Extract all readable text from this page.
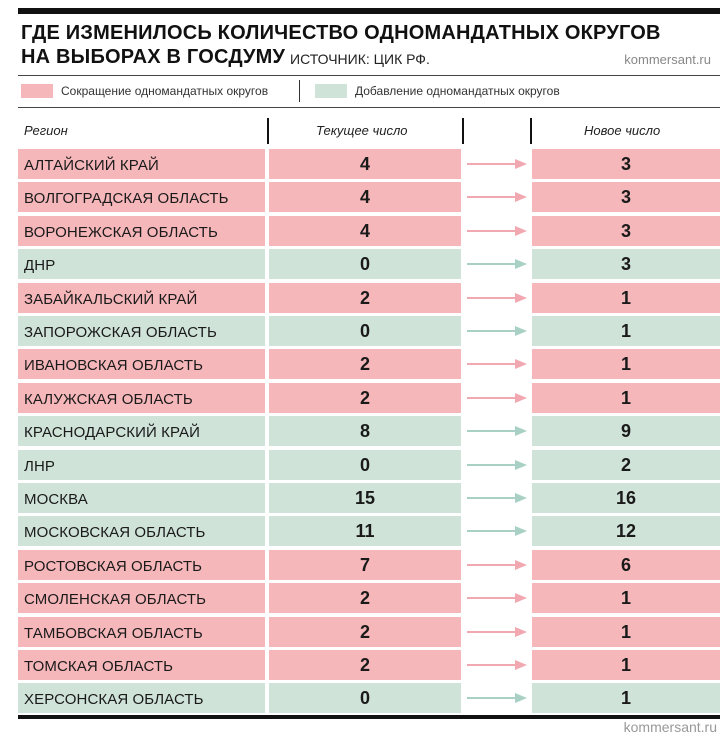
ГДЕ ИЗМЕНИЛОСЬ КОЛИЧЕСТВО ОДНОМАНДАТНЫХ ОКРУГОВ
НА ВЫБОРАХ В ГОСДУМУ ИСТОЧНИК: ЦИК РФ.	kommersant.ru
Сокращение одномандатных округов	Добавление одномандатных округов
Регион	Текущее число	Новое число
АЛТАЙСКИЙ КРАЙ	4	3
ВОЛГОГРАДСКАЯ ОБЛАСТЬ	4	3
ВОРОНЕЖСКАЯ ОБЛАСТЬ	4	3
ДНР	0	3
ЗАБАЙКАЛЬСКИЙ КРАЙ	2	1
ЗАПОРОЖСКАЯ ОБЛАСТЬ	0	1
ИВАНОВСКАЯ ОБЛАСТЬ	2	1
КАЛУЖСКАЯ ОБЛАСТЬ	2	1
КРАСНОДАРСКИЙ КРАЙ	8	9
ЛНР	0	2
МОСКВА	15	16
МОСКОВСКАЯ ОБЛАСТЬ	11	12
РОСТОВСКАЯ ОБЛАСТЬ	7	6
СМОЛЕНСКАЯ ОБЛАСТЬ	2	1
ТАМБОВСКАЯ ОБЛАСТЬ	2	1
ТОМСКАЯ ОБЛАСТЬ	2	1
ХЕРСОНСКАЯ ОБЛАСТЬ	0	1
kommersant.ru
